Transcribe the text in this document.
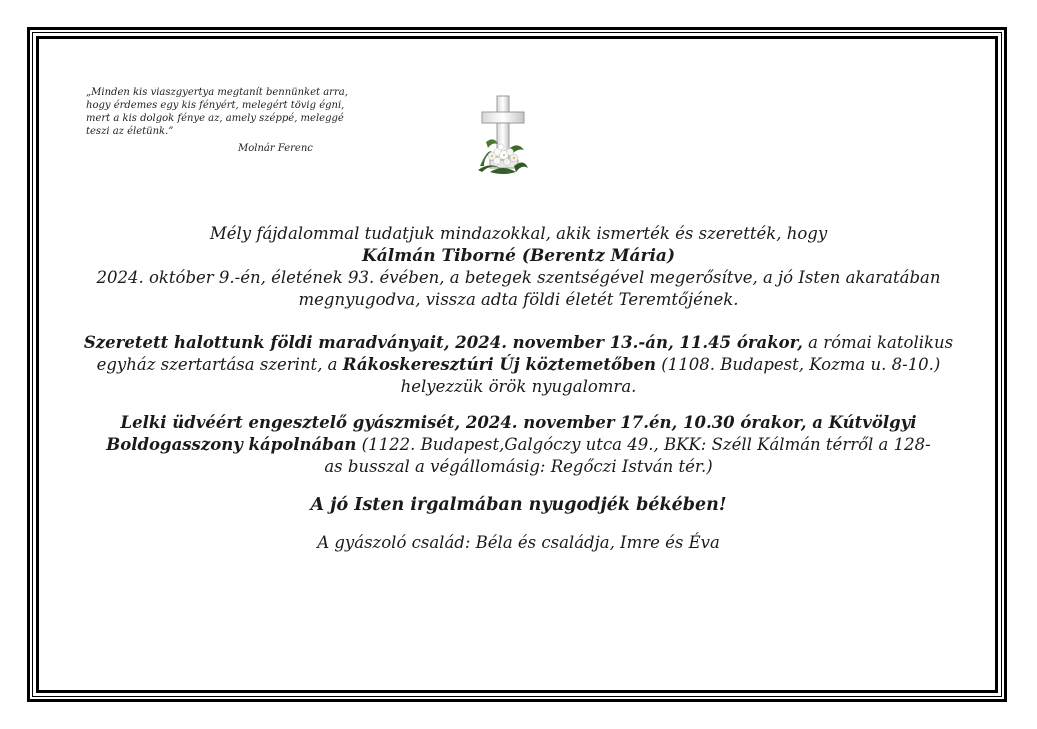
„Minden kis viaszgyertya megtanít bennünket arra,
hogy érdemes egy kis fényért, melegért tövig égni,
mert a kis dolgok fénye az, amely széppé, meleggé
teszi az életünk.”
Molnár Ferenc

Mély fájdalommal tudatjuk mindazokkal, akik ismerték és szerették, hogy

Kálmán Tiborné (Berentz Mária)

2024. október 9.-én, életének 93. évében, a betegek szentségével megerősítve, a jó Isten akaratában

megnyugodva, vissza adta földi életét Teremtőjének.

Szeretett halottunk földi maradványait, 2024. november 13.-án, 11.45 órakor, a római katolikus
egyház szertartása szerint, a Rákoskeresztúri Új köztemetőben (1108. Budapest, Kozma u. 8-10.)
helyezzük örök nyugalomra.

Lelki üdvéért engesztelő gyászmisét, 2024. november 17.én, 10.30 órakor, a Kútvölgyi
Boldogasszony kápolnában (1122. Budapest,Galgóczy utca 49., BKK: Széll Kálmán térről a 128-
as busszal a végállomásig: Regőczi István tér.)

A jó Isten irgalmában nyugodjék békében!

A gyászoló család: Béla és családja, Imre és Éva
